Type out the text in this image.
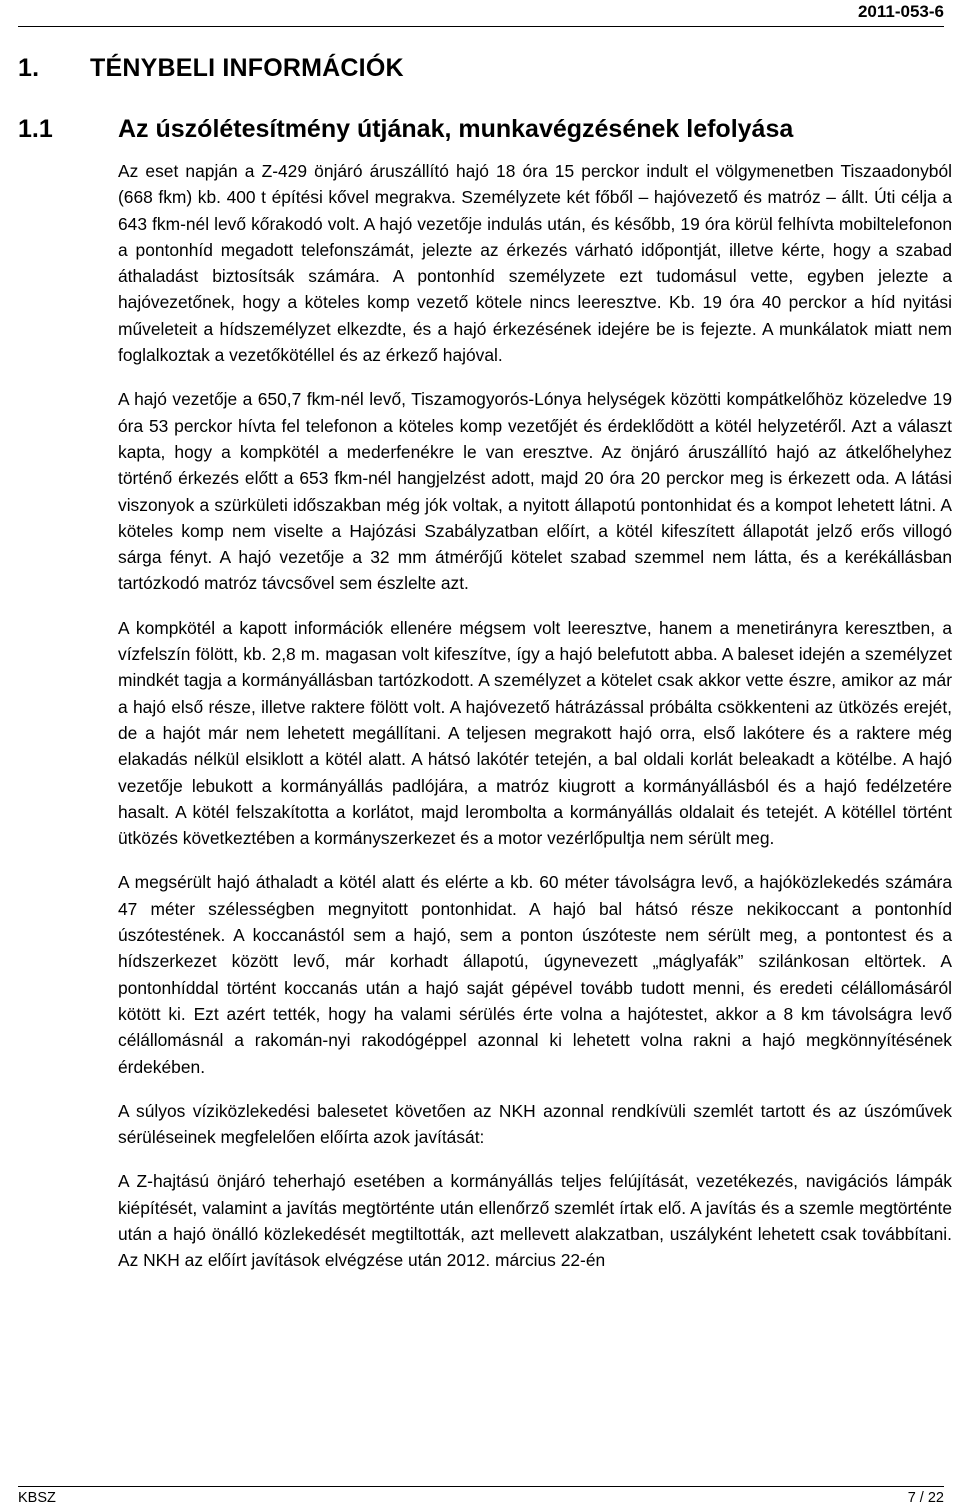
2011-053-6
1. TÉNYBELI INFORMÁCIÓK
1.1	Az úszólétesítmény útjának, munkavégzésének lefolyása

Az eset napján a Z-429 önjáró áruszállító hajó 18 óra 15 perckor indult el völgymenetben Tiszaadonyból (668 fkm) kb. 400 t építési kővel megrakva. Személyzete két főből – hajóvezető és matróz – állt. Úti célja a 643 fkm-nél levő kőrakodó volt. A hajó vezetője indulás után, és később, 19 óra körül felhívta mobiltelefonon a pontonhíd megadott telefonszámát, jelezte az érkezés várható időpontját, illetve kérte, hogy a szabad áthaladást biztosítsák számára. A pontonhíd személyzete ezt tudomásul vette, egyben jelezte a hajóvezetőnek, hogy a köteles komp vezető kötele nincs leeresztve. Kb. 19 óra 40 perckor a híd nyitási műveleteit a hídszemélyzet elkezdte, és a hajó érkezésének idejére be is fejezte. A munkálatok miatt nem foglalkoztak a vezetőkötéllel és az érkező hajóval.

A hajó vezetője a 650,7 fkm-nél levő, Tiszamogyorós-Lónya helységek közötti kompátkelőhöz közeledve 19 óra 53 perckor hívta fel telefonon a köteles komp vezetőjét és érdeklődött a kötél helyzetéről. Azt a választ kapta, hogy a kompkötél a mederfenékre le van eresztve. Az önjáró áruszállító hajó az átkelőhelyhez történő érkezés előtt a 653 fkm-nél hangjelzést adott, majd 20 óra 20 perckor meg is érkezett oda. A látási viszonyok a szürkületi időszakban még jók voltak, a nyitott állapotú pontonhidat és a kompot lehetett látni. A köteles komp nem viselte a Hajózási Szabályzatban előírt, a kötél kifeszített állapotát jelző erős villogó sárga fényt. A hajó vezetője a 32 mm átmérőjű kötelet szabad szemmel nem látta, és a kerékállásban tartózkodó matróz távcsővel sem észlelte azt.

A kompkötél a kapott információk ellenére mégsem volt leeresztve, hanem a menetirányra keresztben, a vízfelszín fölött, kb. 2,8 m. magasan volt kifeszítve, így a hajó belefutott abba. A baleset idején a személyzet mindkét tagja a kormányállásban tartózkodott. A személyzet a kötelet csak akkor vette észre, amikor az már a hajó első része, illetve raktere fölött volt. A hajóvezető hátrázással próbálta csökkenteni az ütközés erejét, de a hajót már nem lehetett megállítani. A teljesen megrakott hajó orra, első lakótere és a raktere még elakadás nélkül elsiklott a kötél alatt. A hátsó lakótér tetején, a bal oldali korlát beleakadt a kötélbe. A hajó vezetője lebukott a kormányállás padlójára, a matróz kiugrott a kormányállásból és a hajó fedélzetére hasalt. A kötél felszakította a korlátot, majd lerombolta a kormányállás oldalait és tetejét. A kötéllel történt ütközés következtében a kormányszerkezet és a motor vezérlőpultja nem sérült meg.

A megsérült hajó áthaladt a kötél alatt és elérte a kb. 60 méter távolságra levő, a hajóközlekedés számára 47 méter szélességben megnyitott pontonhidat. A hajó bal hátsó része nekikoccant a pontonhíd úszótestének. A koccanástól sem a hajó, sem a ponton úszóteste nem sérült meg, a pontontest és a hídszerkezet között levő, már korhadt állapotú, úgynevezett „máglyafák” szilánkosan eltörtek. A pontonhíddal történt koccanás után a hajó saját gépével tovább tudott menni, és eredeti célállomásáról kötött ki. Ezt azért tették, hogy ha valami sérülés érte volna a hajótestet, akkor a 8 km távolságra levő célállomásnál a rakomán-nyi rakodógéppel azonnal ki lehetett volna rakni a hajó megkönnyítésének érdekében.

A súlyos víziközlekedési balesetet követően az NKH azonnal rendkívüli szemlét tartott és az úszóművek sérüléseinek megfelelően előírta azok javítását:

A Z-hajtású önjáró teherhajó esetében a kormányállás teljes felújítását, vezetékezés, navigációs lámpák kiépítését, valamint a javítás megtörténte után ellenőrző szemlét írtak elő. A javítás és a szemle megtörténte után a hajó önálló közlekedését megtiltották, azt mellevett alakzatban, uszályként lehetett csak továbbítani. Az NKH az előírt javítások elvégzése után 2012. március 22-én

KBSZ	7 / 22
